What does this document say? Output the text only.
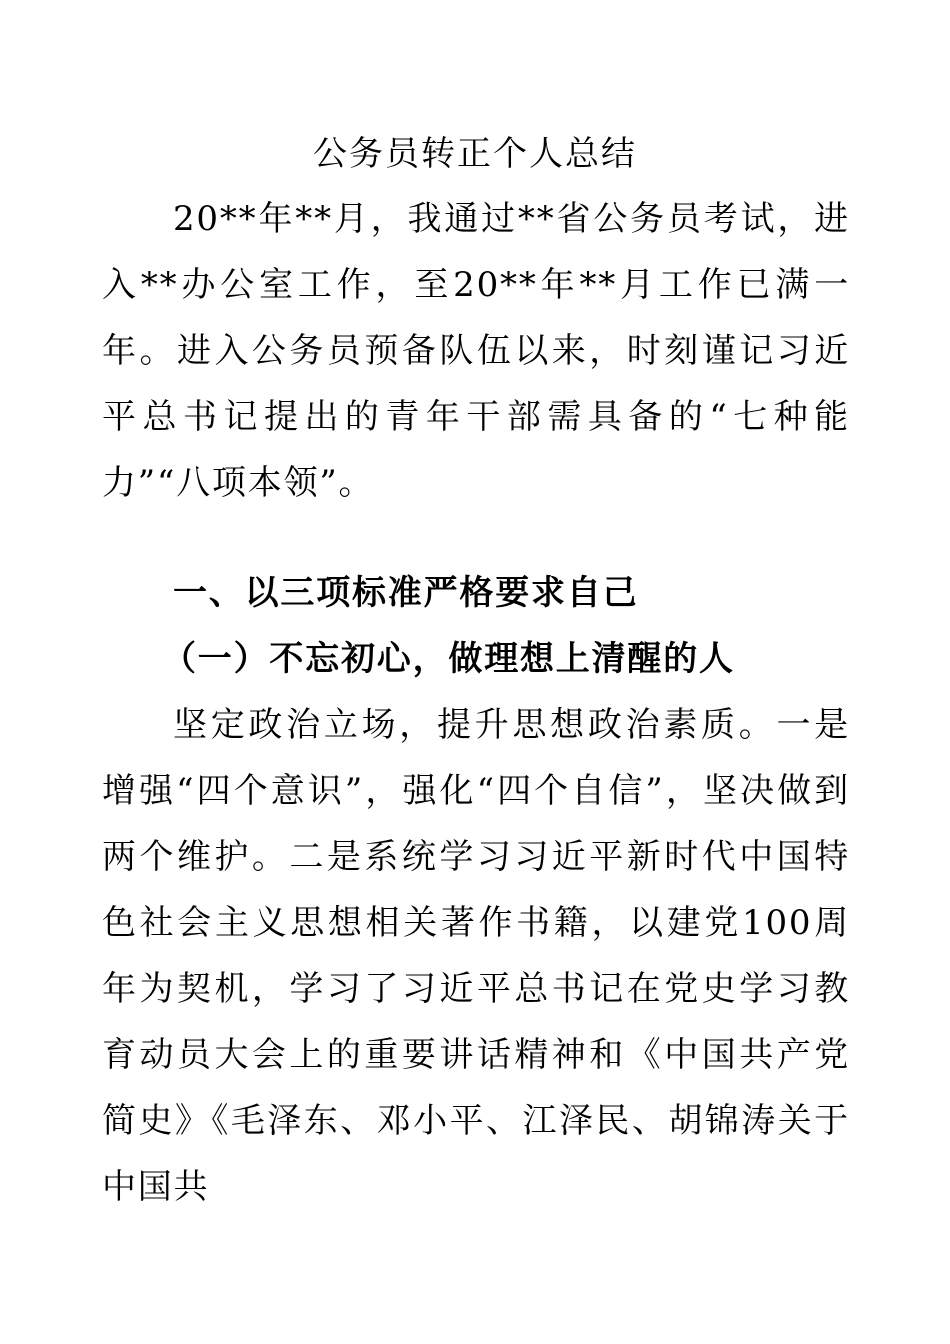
公务员转正个人总结

20**年**月，我通过**省公务员考试，进入**办公室工作，至20**年**月工作已满一年。进入公务员预备队伍以来，时刻谨记习近平总书记提出的青年干部需具备的“七种能力”“八项本领”。

一、以三项标准严格要求自己

（一）不忘初心，做理想上清醒的人

坚定政治立场，提升思想政治素质。一是增强“四个意识”，强化“四个自信”，坚决做到两个维护。二是系统学习习近平新时代中国特色社会主义思想相关著作书籍，以建党100周年为契机，学习了习近平总书记在党史学习教育动员大会上的重要讲话精神和《中国共产党简史》《毛泽东、邓小平、江泽民、胡锦涛关于中国共
